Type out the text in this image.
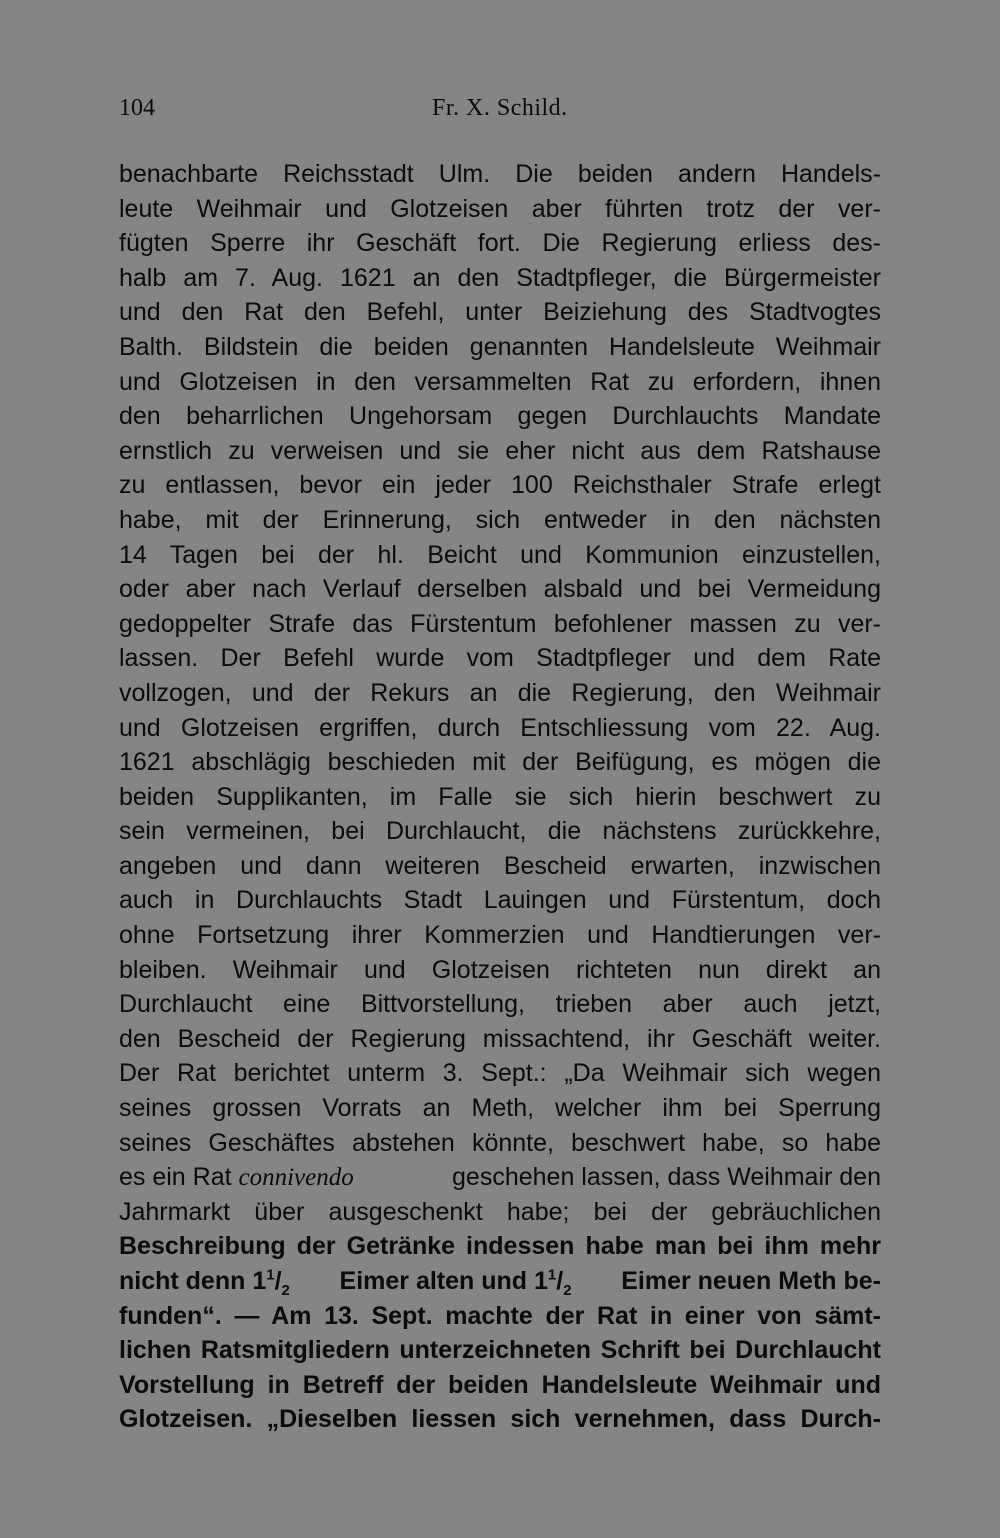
104	Fr. X. Schild.
benachbarte Reichsstadt Ulm. Die beiden andern Handels-
leute Weihmair und Glotzeisen aber führten trotz der ver-
fügten Sperre ihr Geschäft fort. Die Regierung erliess des-
halb am 7. Aug. 1621 an den Stadtpfleger, die Bürgermeister
und den Rat den Befehl, unter Beiziehung des Stadtvogtes
Balth. Bildstein die beiden genannten Handelsleute Weihmair
und Glotzeisen in den versammelten Rat zu erfordern, ihnen
den beharrlichen Ungehorsam gegen Durchlauchts Mandate
ernstlich zu verweisen und sie eher nicht aus dem Ratshause
zu entlassen, bevor ein jeder 100 Reichsthaler Strafe erlegt
habe, mit der Erinnerung, sich entweder in den nächsten
14 Tagen bei der hl. Beicht und Kommunion einzustellen,
oder aber nach Verlauf derselben alsbald und bei Vermeidung
gedoppelter Strafe das Fürstentum befohlener massen zu ver-
lassen. Der Befehl wurde vom Stadtpfleger und dem Rate
vollzogen, und der Rekurs an die Regierung, den Weihmair
und Glotzeisen ergriffen, durch Entschliessung vom 22. Aug.
1621 abschlägig beschieden mit der Beifügung, es mögen die
beiden Supplikanten, im Falle sie sich hierin beschwert zu
sein vermeinen, bei Durchlaucht, die nächstens zurückkehre,
angeben und dann weiteren Bescheid erwarten, inzwischen
auch in Durchlauchts Stadt Lauingen und Fürstentum, doch
ohne Fortsetzung ihrer Kommerzien und Handtierungen ver-
bleiben. Weihmair und Glotzeisen richteten nun direkt an
Durchlaucht eine Bittvorstellung, trieben aber auch jetzt,
den Bescheid der Regierung missachtend, ihr Geschäft weiter.
Der Rat berichtet unterm 3. Sept.: „Da Weihmair sich wegen
seines grossen Vorrats an Meth, welcher ihm bei Sperrung
seines Geschäftes abstehen könnte, beschwert habe, so habe
es ein Rat connivendo	geschehen lassen, dass Weihmair den
Jahrmarkt über ausgeschenkt habe; bei der gebräuchlichen
Beschreibung der Getränke indessen habe man bei ihm mehr
nicht denn $1^1/_2$ Eimer alten und $1^1/_2$ Eimer neuen Meth be-
funden“. — Am 13. Sept. machte der Rat in einer von sämt-
lichen Ratsmitgliedern unterzeichneten Schrift bei Durchlaucht
Vorstellung in Betreff der beiden Handelsleute Weihmair und
Glotzeisen. „Dieselben liessen sich vernehmen, dass Durch-
